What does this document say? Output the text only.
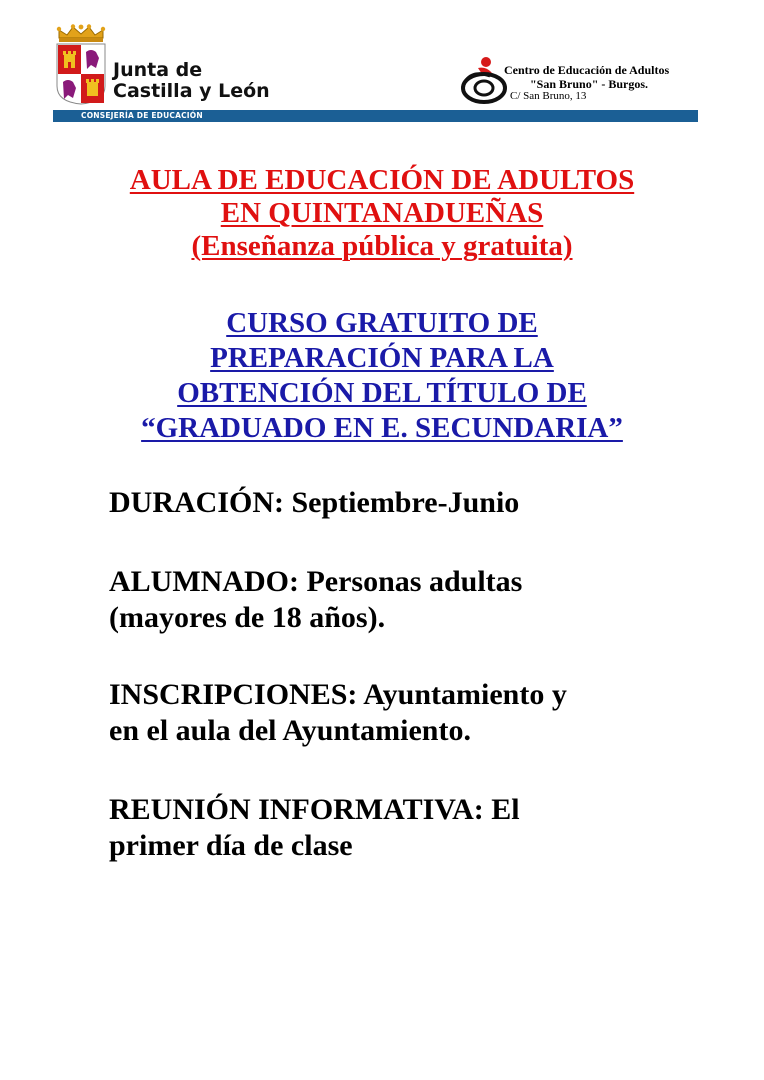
Junta de
Castilla y León
Centro de Educación de Adultos
"San Bruno" - Burgos.
C/ San Bruno, 13
CONSEJERÍA DE EDUCACIÓN
AULA DE EDUCACIÓN DE ADULTOS
EN QUINTANADUEÑAS
(Enseñanza pública y gratuita)
CURSO GRATUITO DE
PREPARACIÓN PARA LA
OBTENCIÓN DEL TÍTULO DE
“GRADUADO EN E. SECUNDARIA”

DURACIÓN: Septiembre-Junio

ALUMNADO: Personas adultas
(mayores de 18 años).

INSCRIPCIONES: Ayuntamiento y
en el aula del Ayuntamiento.

REUNIÓN INFORMATIVA: El
primer día de clase
